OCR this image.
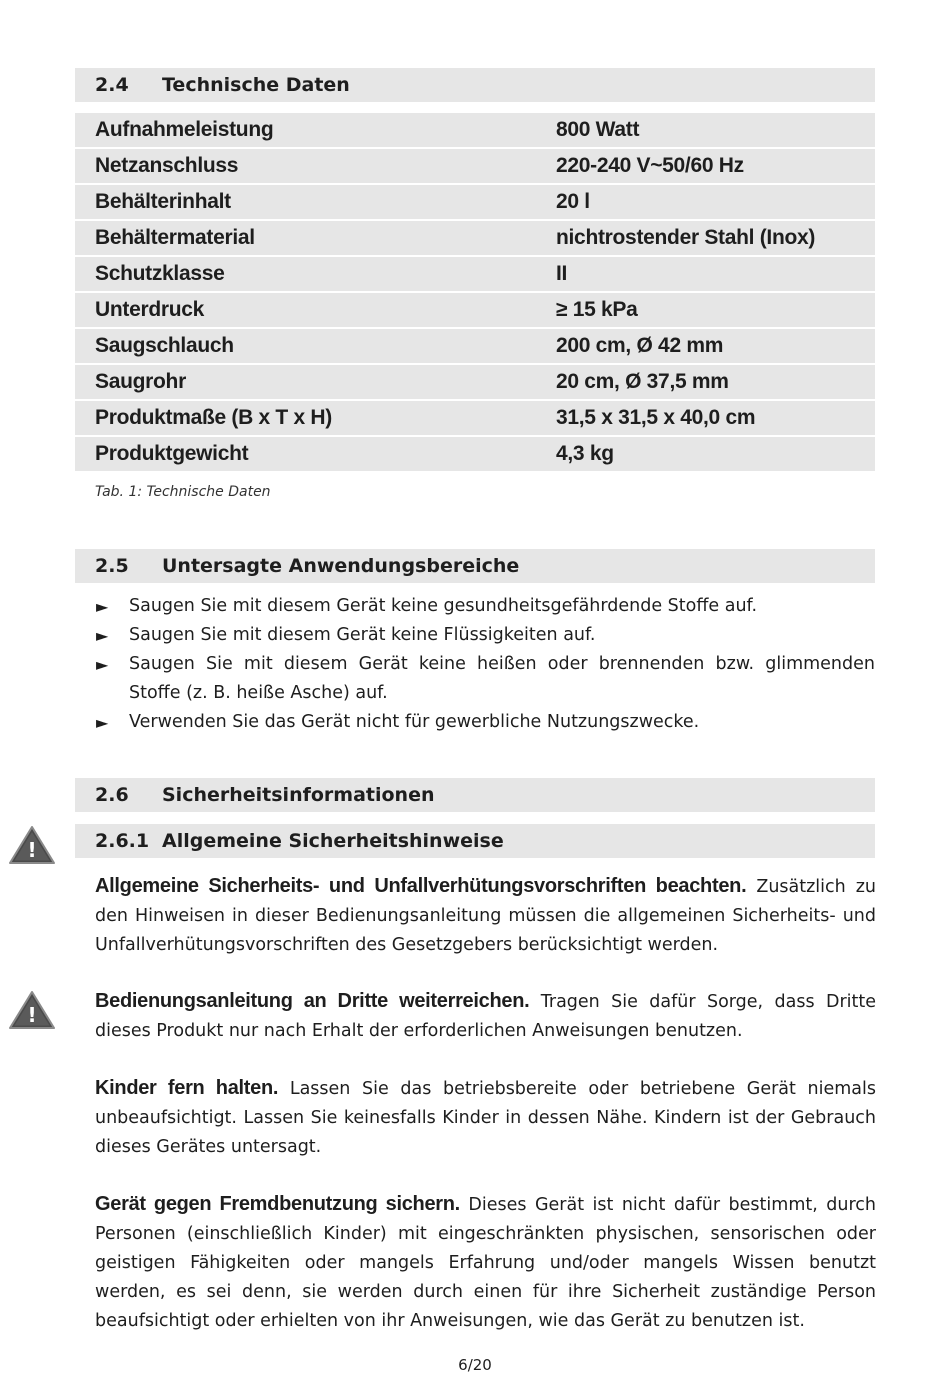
2.4 Technische Daten
Aufnahmeleistung	800 Watt
Netzanschluss	220-240 V~50/60 Hz
Behälterinhalt	20 l
Behältermaterial	nichtrostender Stahl (Inox)
Schutzklasse	II
Unterdruck	≥ 15 kPa
Saugschlauch	200 cm, Ø 42 mm
Saugrohr	20 cm, Ø 37,5 mm
Produktmaße (B x T x H)	31,5 x 31,5 x 40,0 cm
Produktgewicht	4,3 kg
Tab. 1: Technische Daten
2.5 Untersagte Anwendungsbereiche
► Saugen Sie mit diesem Gerät keine gesundheitsgefährdende Stoffe auf.
► Saugen Sie mit diesem Gerät keine Flüssigkeiten auf.
► Saugen Sie mit diesem Gerät keine heißen oder brennenden bzw. glimmenden Stoffe (z. B. heiße Asche) auf.
► Verwenden Sie das Gerät nicht für gewerbliche Nutzungszwecke.
2.6 Sicherheitsinformationen
2.6.1 Allgemeine Sicherheitshinweise
!
!
Allgemeine Sicherheits- und Unfallverhütungsvorschriften beachten. Zusätzlich zu den Hinweisen in dieser Bedienungsanleitung müssen die allgemeinen Sicherheits- und Unfallverhütungsvorschriften des Gesetzgebers berücksichtigt werden.
Bedienungsanleitung an Dritte weiterreichen. Tragen Sie dafür Sorge, dass Dritte dieses Produkt nur nach Erhalt der erforderlichen Anweisungen benutzen.
Kinder fern halten. Lassen Sie das betriebsbereite oder betriebene Gerät niemals unbeaufsichtigt. Lassen Sie keinesfalls Kinder in dessen Nähe. Kindern ist der Gebrauch dieses Gerätes untersagt.
Gerät gegen Fremdbenutzung sichern. Dieses Gerät ist nicht dafür bestimmt, durch Personen (einschließlich Kinder) mit eingeschränkten physischen, sensorischen oder geistigen Fähigkeiten oder mangels Erfahrung und/oder mangels Wissen benutzt werden, es sei denn, sie werden durch einen für ihre Sicherheit zuständige Person beaufsichtigt oder erhielten von ihr Anweisungen, wie das Gerät zu benutzen ist.
6/20
